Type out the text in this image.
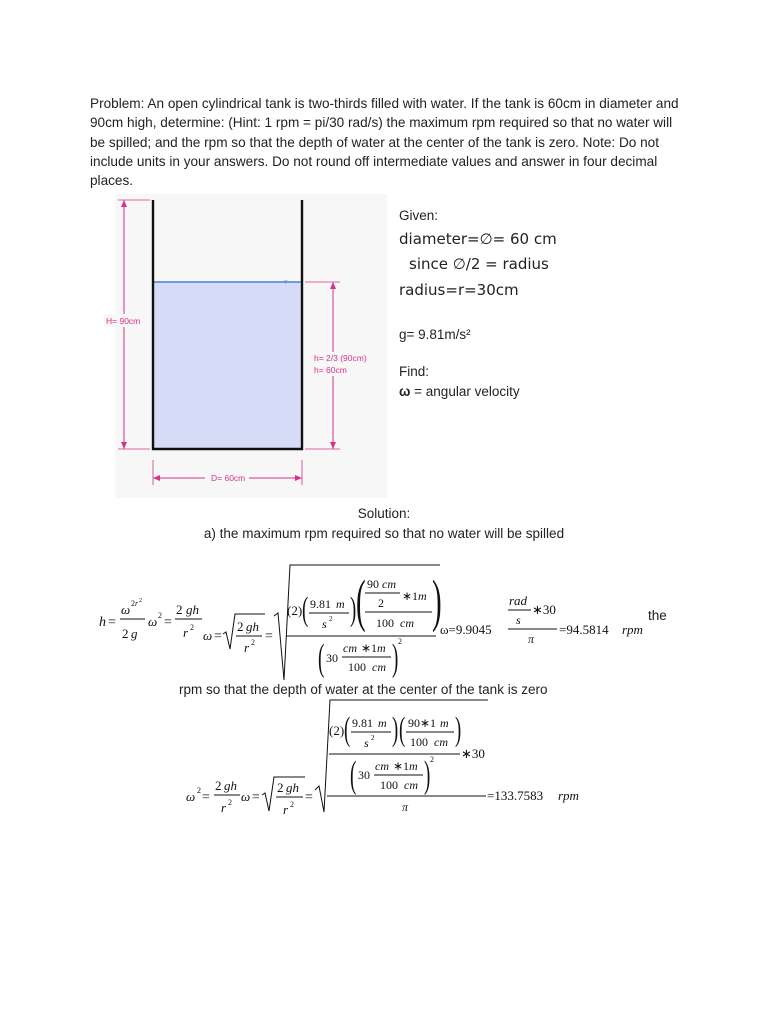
Problem: An open cylindrical tank is two-thirds filled with water. If the tank is 60cm in diameter and 90cm high, determine: (Hint: 1 rpm = pi/30 rad/s) the maximum rpm required so that no water will be spilled; and the rpm so that the depth of water at the center of the tank is zero. Note: Do not include units in your answers. Do not round off intermediate values and answer in four decimal places.
▿
H= 90cm
h= 2/3 (90cm)
h= 60cm
D= 60cm
h =
ω 2 r 2
2 g
ω 2 =
2 gh
r 2
ω =
2 gh
r 2 =
(2) ( 9.81 m
s 2 ) ( 90 cm
2 ∗1 m
100 cm )
( 30
cm ∗1 m
100 cm ) 2
ω=9.9045
rad
s
∗30
π
=94.5814 rpm
ω 2 =
2 gh
r 2 ω =
2 gh
r 2 =
(2) ( 9.81 m
s 2 ) ( 90∗1 m
100 cm )
∗30
( 30
cm ∗1 m
100 cm ) 2
π
=133.7583 rpm
Given:
diameter=∅= 60 cm
since ∅/2 = radius
radius=r=30cm
g= 9.81m/s²
Find:
ω = angular velocity
Solution:
a) the maximum rpm required so that no water will be spilled
the
rpm so that the depth of water at the center of the tank is zero
